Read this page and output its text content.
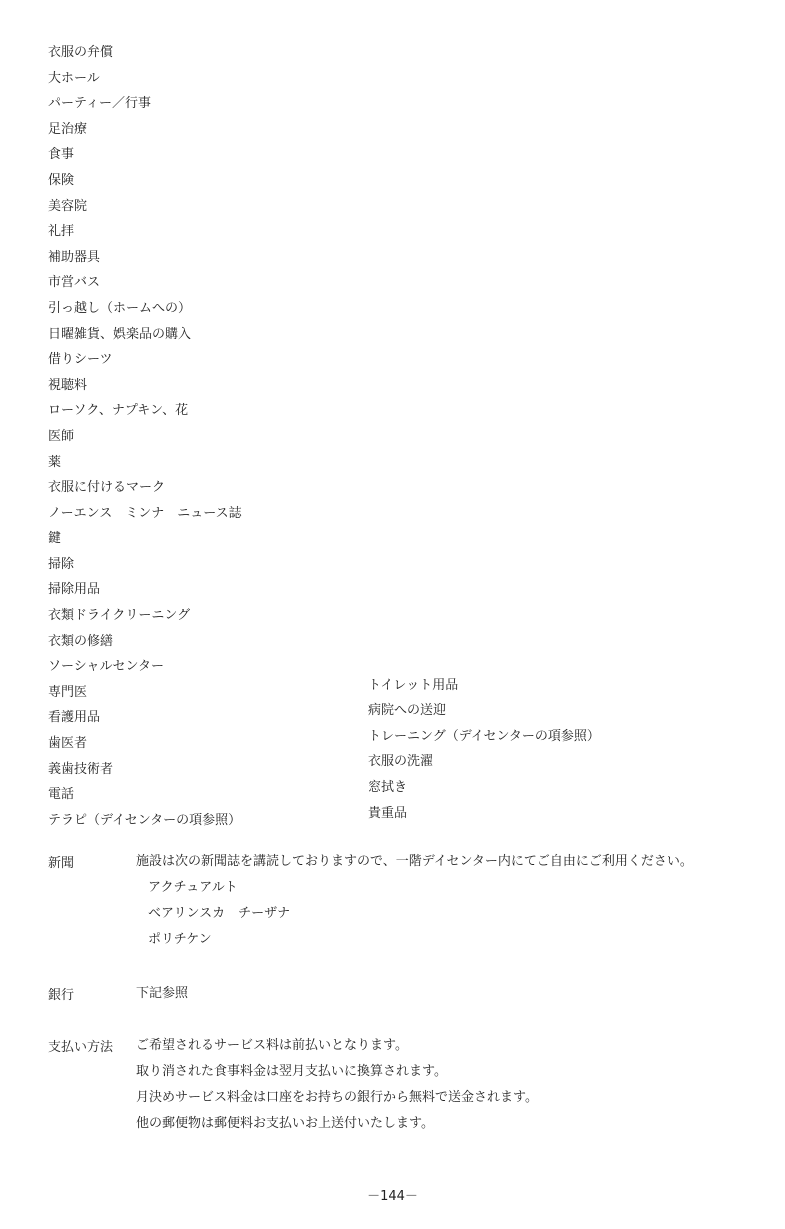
衣服の弁償
大ホール
パーティー／行事
足治療
食事
保険
美容院
礼拝
補助器具
市営バス
引っ越し（ホームへの）
日曜雑貨、娯楽品の購入
借りシーツ
視聴料
ローソク、ナプキン、花
医師
薬
衣服に付けるマーク
ノーエンス　ミンナ　ニュース誌
鍵
掃除
掃除用品
衣類ドライクリーニング
衣類の修繕
ソーシャルセンター
専門医
看護用品
歯医者
義歯技術者
電話
テラピ（デイセンターの項参照）
トイレット用品
病院への送迎
トレーニング（デイセンターの項参照）
衣服の洗濯
窓拭き
貴重品
新聞	施設は次の新聞誌を講読しておりますので、一階デイセンター内にてご自由にご利用ください。
アクチュアルト
ベアリンスカ　チーザナ
ポリチケン
銀行	下記参照
支払い方法 ご希望されるサービス料は前払いとなります。
取り消された食事料金は翌月支払いに換算されます。
月決めサービス料金は口座をお持ちの銀行から無料で送金されます。
他の郵便物は郵便料お支払いお上送付いたします。
－144－
